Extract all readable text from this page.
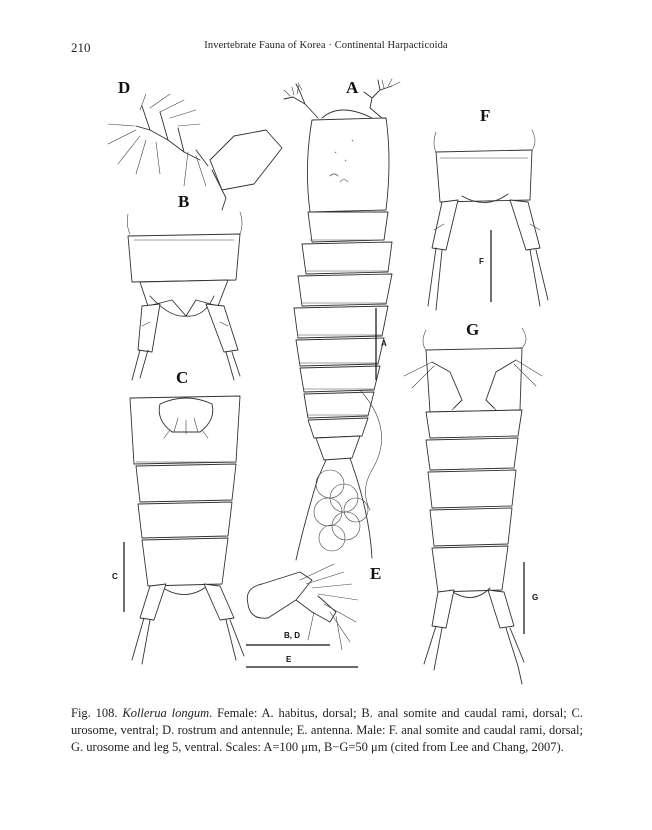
210	Invertebrate Fauna of Korea · Continental Harpacticoida
D	A
F
B
G
C
E
A
F
C
G
B, D
E
Fig. 108. Kollerua longum. Female: A. habitus, dorsal; B. anal somite and caudal rami, dorsal; C. urosome, ventral; D. rostrum and antennule; E. antenna. Male: F. anal somite and caudal rami, dorsal; G. urosome and leg 5, ventral. Scales: A=100 μm, B−G=50 μm (cited from Lee and Chang, 2007).
